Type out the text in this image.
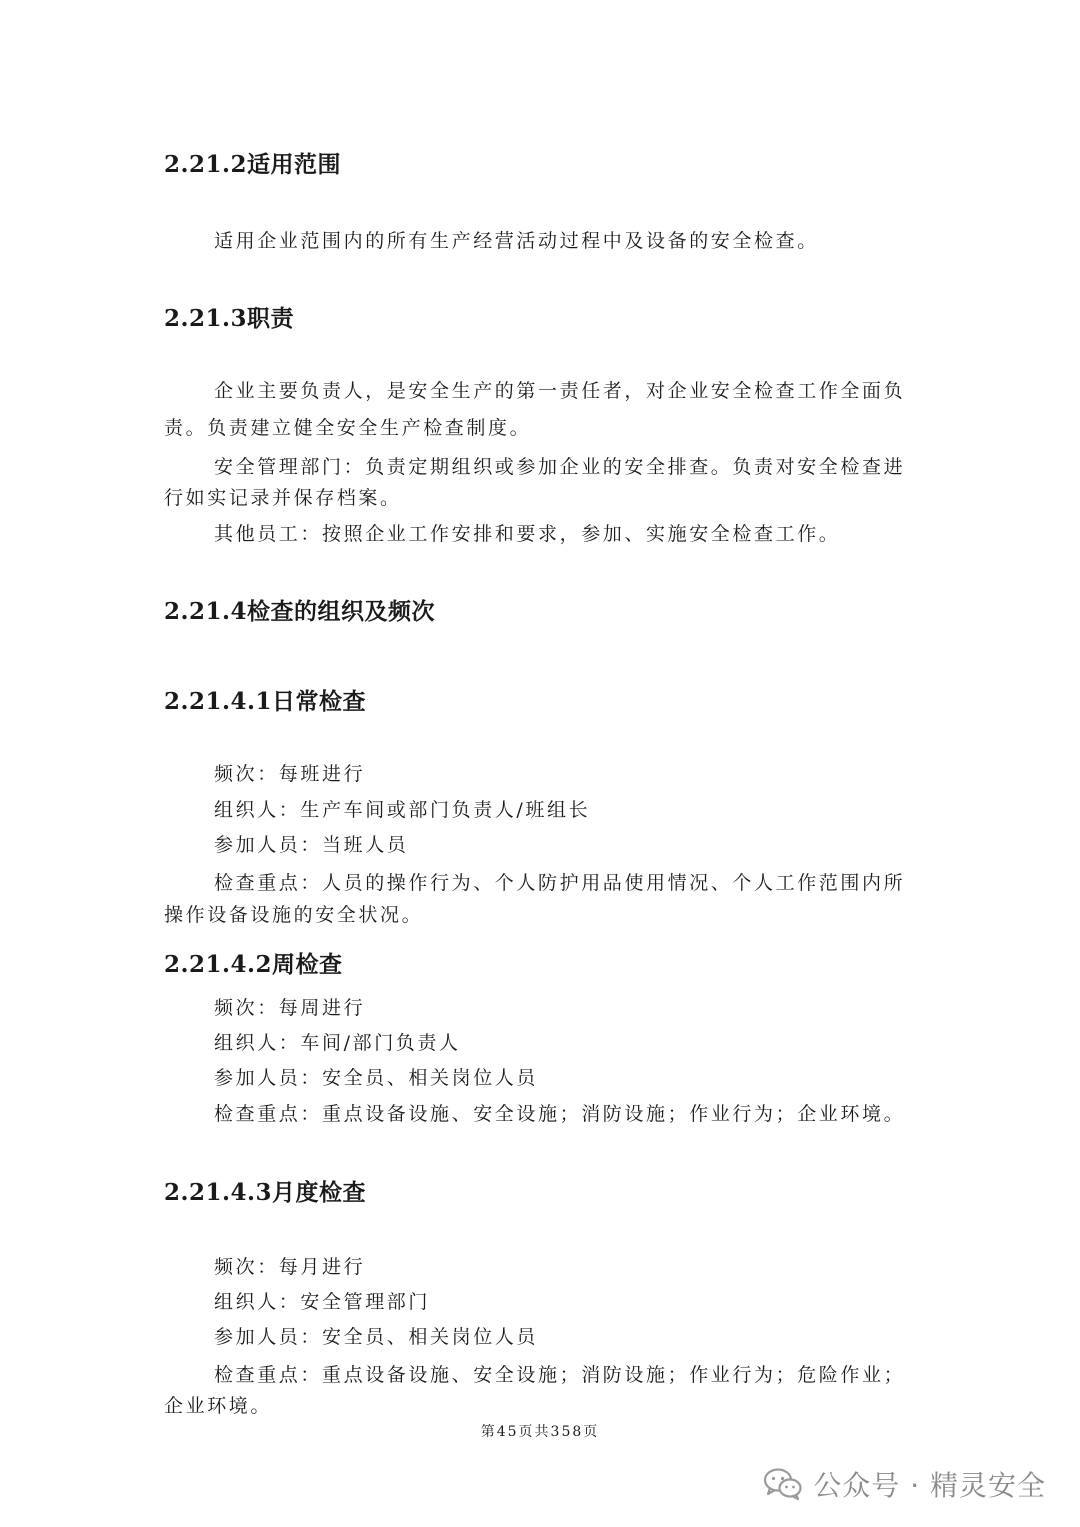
2.21.2适用范围
适用企业范围内的所有生产经营活动过程中及设备的安全检查。
2.21.3职责
企业主要负责人，是安全生产的第一责任者，对企业安全检查工作全面负
责。负责建立健全安全生产检查制度。
安全管理部门：负责定期组织或参加企业的安全排查。负责对安全检查进
行如实记录并保存档案。
其他员工：按照企业工作安排和要求，参加、实施安全检查工作。
2.21.4检查的组织及频次
2.21.4.1日常检查
频次：每班进行
组织人：生产车间或部门负责人/班组长
参加人员：当班人员
检查重点：人员的操作行为、个人防护用品使用情况、个人工作范围内所
操作设备设施的安全状况。
2.21.4.2周检查
频次：每周进行
组织人：车间/部门负责人
参加人员：安全员、相关岗位人员
检查重点：重点设备设施、安全设施；消防设施；作业行为；企业环境。
2.21.4.3月度检查
频次：每月进行
组织人：安全管理部门
参加人员：安全员、相关岗位人员
检查重点：重点设备设施、安全设施；消防设施；作业行为；危险作业；
企业环境。
第45页共358页
公众号 · 精灵安全
